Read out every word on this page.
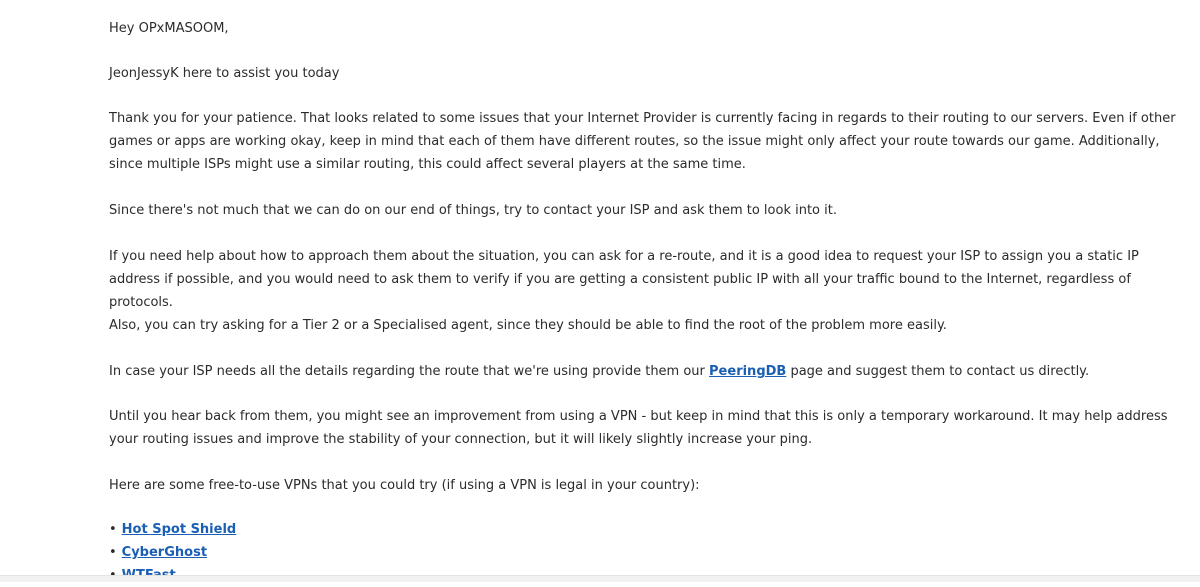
Hey OPxMASOOM,

JeonJessyK here to assist you today

Thank you for your patience. That looks related to some issues that your Internet Provider is currently facing in regards to their routing to our servers. Even if other games or apps are working okay, keep in mind that each of them have different routes, so the issue might only affect your route towards our game. Additionally, since multiple ISPs might use a similar routing, this could affect several players at the same time.

Since there's not much that we can do on our end of things, try to contact your ISP and ask them to look into it.

If you need help about how to approach them about the situation, you can ask for a re-route, and it is a good idea to request your ISP to assign you a static IP address if possible, and you would need to ask them to verify if you are getting a consistent public IP with all your traffic bound to the Internet, regardless of protocols.

Also, you can try asking for a Tier 2 or a Specialised agent, since they should be able to find the root of the problem more easily.

In case your ISP needs all the details regarding the route that we're using provide them our PeeringDB page and suggest them to contact us directly.

Until you hear back from them, you might see an improvement from using a VPN - but keep in mind that this is only a temporary workaround. It may help address your routing issues and improve the stability of your connection, but it will likely slightly increase your ping.

Here are some free-to-use VPNs that you could try (if using a VPN is legal in your country):

• Hot Spot Shield
• CyberGhost
